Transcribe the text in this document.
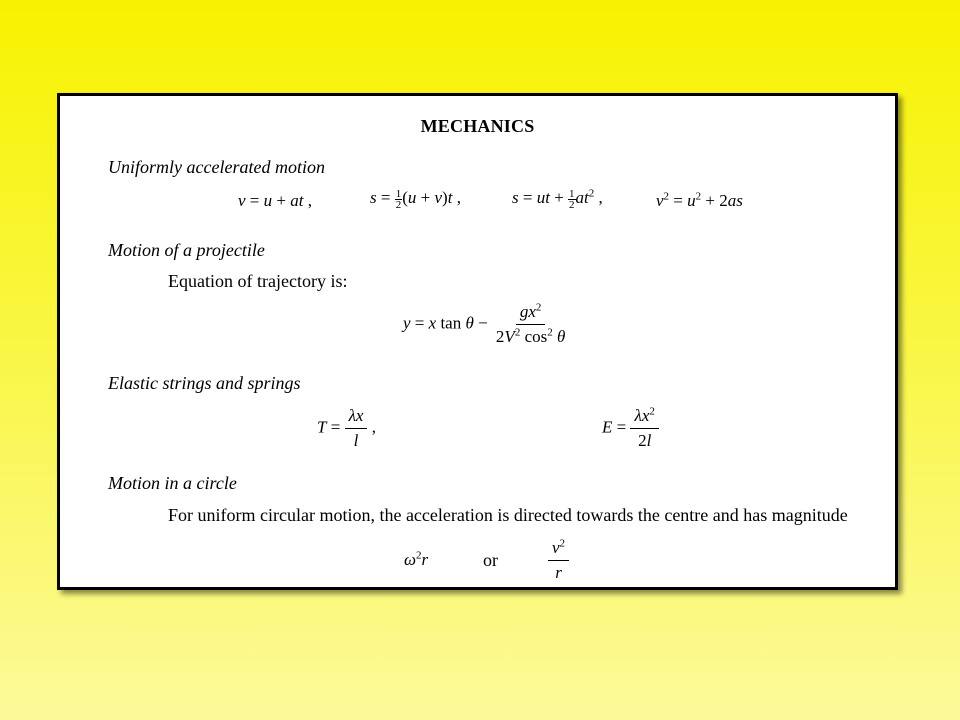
MECHANICS
Uniformly accelerated motion
v = u + at ,	$s = \frac{1}{2} (u + v)t$ ,	s = ut + $\frac{1}{2} at^2$ ,	$v^2 = u^2 + 2as$
Motion of a projectile
Equation of trajectory is:
y = x $\tan \theta - \frac{gx^2}{2V^2 \cos^2 \theta}$
Elastic strings and springs
$T = \frac{\lambda x}{l}$ ,	$E = \frac{\lambda x^2}{2l}$
Motion in a circle
For uniform circular motion, the acceleration is directed towards the centre and has magnitude
$\omega^2r$	or	$\frac{v^2}{r}$
